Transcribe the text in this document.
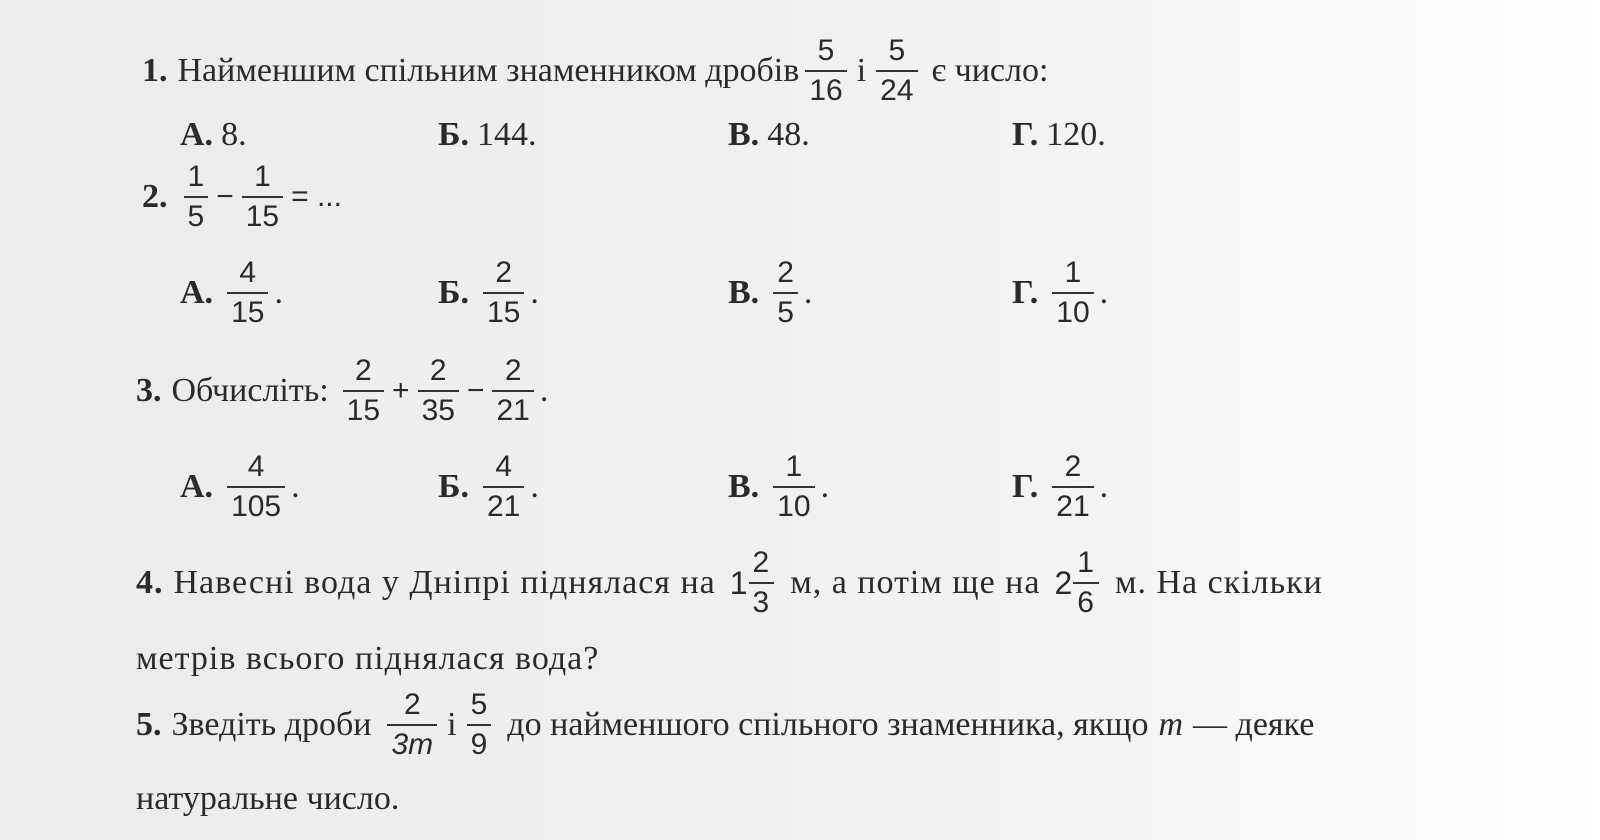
1. Найменшим спільним знаменником дробів $\frac{5}{16}$ і $\frac{5}{24}$ є число:
А. 8.	Б. 144.	В. 48.	Г. 120.
2. $\frac{1}{5} - \frac{1}{15}$ = ...
А. $\frac{4}{15}$ .	Б. $\frac{2}{15}$ .	В. $\frac{2}{5}$ .	Г. $\frac{1}{10}$ .
3. Обчисліть: $\frac{2}{15} + \frac{2}{35} - \frac{2}{21}$ .
А. $\frac{4}{105}$ .	Б. $\frac{4}{21}$ .	В. $\frac{1}{10}$ .	Г. $\frac{2}{21}$ .
4. Навесні вода у Дніпрі піднялася на $1 \frac{2}{3} м$, а потім ще на $2 \frac{1}{6} м$. На скільки
метрів всього піднялася вода?
5. Зведіть дроби $\frac{2}{3m}$ і $\frac{5}{9}$ до найменшого спільного знаменника, якщо m — деяке
натуральне число.
